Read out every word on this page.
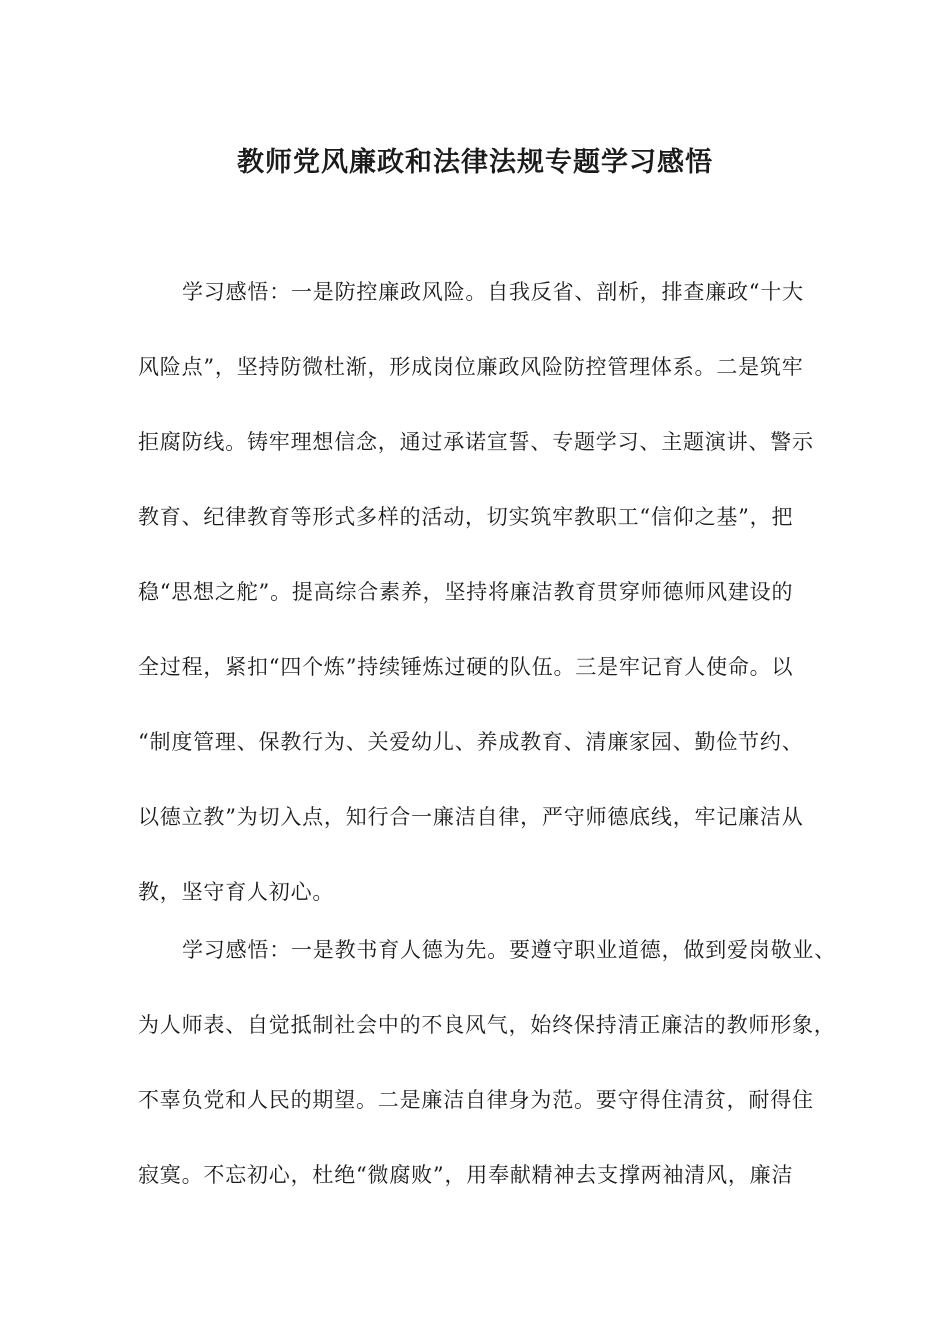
教师党风廉政和法律法规专题学习感悟
学习感悟：一是防控廉政风险。自我反省、剖析，排查廉政“十大
风险点”，坚持防微杜渐，形成岗位廉政风险防控管理体系。二是筑牢
拒腐防线。铸牢理想信念，通过承诺宣誓、专题学习、主题演讲、警示
教育、纪律教育等形式多样的活动，切实筑牢教职工“信仰之基”，把
稳“思想之舵”。提高综合素养，坚持将廉洁教育贯穿师德师风建设的
全过程，紧扣“四个炼”持续锤炼过硬的队伍。三是牢记育人使命。以
“制度管理、保教行为、关爱幼儿、养成教育、清廉家园、勤俭节约、
以德立教”为切入点，知行合一廉洁自律，严守师德底线，牢记廉洁从
教，坚守育人初心。
学习感悟：一是教书育人德为先。要遵守职业道德，做到爱岗敬业、
为人师表、自觉抵制社会中的不良风气，始终保持清正廉洁的教师形象，
不辜负党和人民的期望。二是廉洁自律身为范。要守得住清贫，耐得住
寂寞。不忘初心，杜绝“微腐败”，用奉献精神去支撑两袖清风，廉洁
